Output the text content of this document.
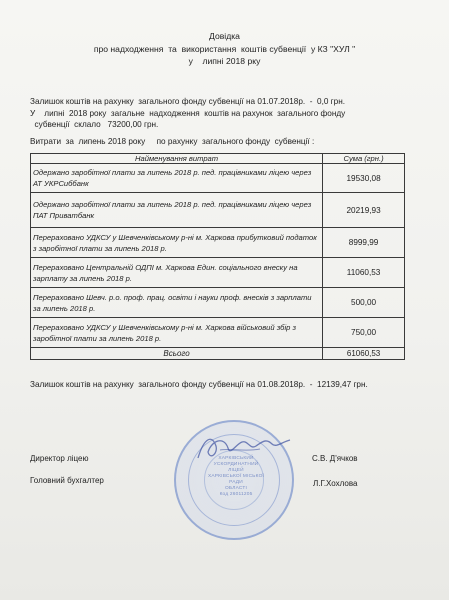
Довідка
про надходження  та  використання  коштів субвенції  у КЗ "ХУЛ "
у    липні 2018 рку
Залишок коштів на рахунку  загального фонду субвенції на 01.07.2018р.  -  0,0 грн.
У    липні  2018 року  загальне  надходження  коштів на рахунок  загального фонду
субвенції  склало   73200,00 грн.
Витрати  за  липень 2018 року     по рахунку  загального фонду  субвенції :
Найменування витрат	Сума (грн.)
Одержано заробітної плати за липень 2018 р. пед. працівниками ліцею через АТ УКРСиббанк	19530,08
Одержано заробітної плати за липень 2018 р. пед. працівниками ліцею через ПАТ Приватбанк	20219,93
Перераховано УДКСУ у Шевченківському р-ні м. Харкова прибутковий податок з заробітної плати за липень 2018 р.	8999,99
Перераховано Центральній ОДПІ м. Харкова Един. соціального внеску на зарплату за липень 2018 р.	11060,53
Перераховано Шевч. р.о. проф. прац. освіти і науки проф. внесків з зарплати за липень 2018 р.	500,00
Перераховано УДКСУ у Шевченківському р-ні м. Харкова військовий збір з заробітної плати за липень 2018 р.	750,00
Всього	61060,53
Залишок коштів на рахунку  загального фонду субвенції на 01.08.2018р.  -  12139,47 грн.
ХАРКІВСЬКИЙ
УСКОРДИНАТНИЙ
ЛІЦЕЙ
ХАРКІВСЬКОЇ МІСЬКОЇ
РАДИ
ОБЛАСТІ
Код 26011205
Директор ліцею	С.В. Д'ячков
Головний бухгалтер	Л.Г.Хохлова
